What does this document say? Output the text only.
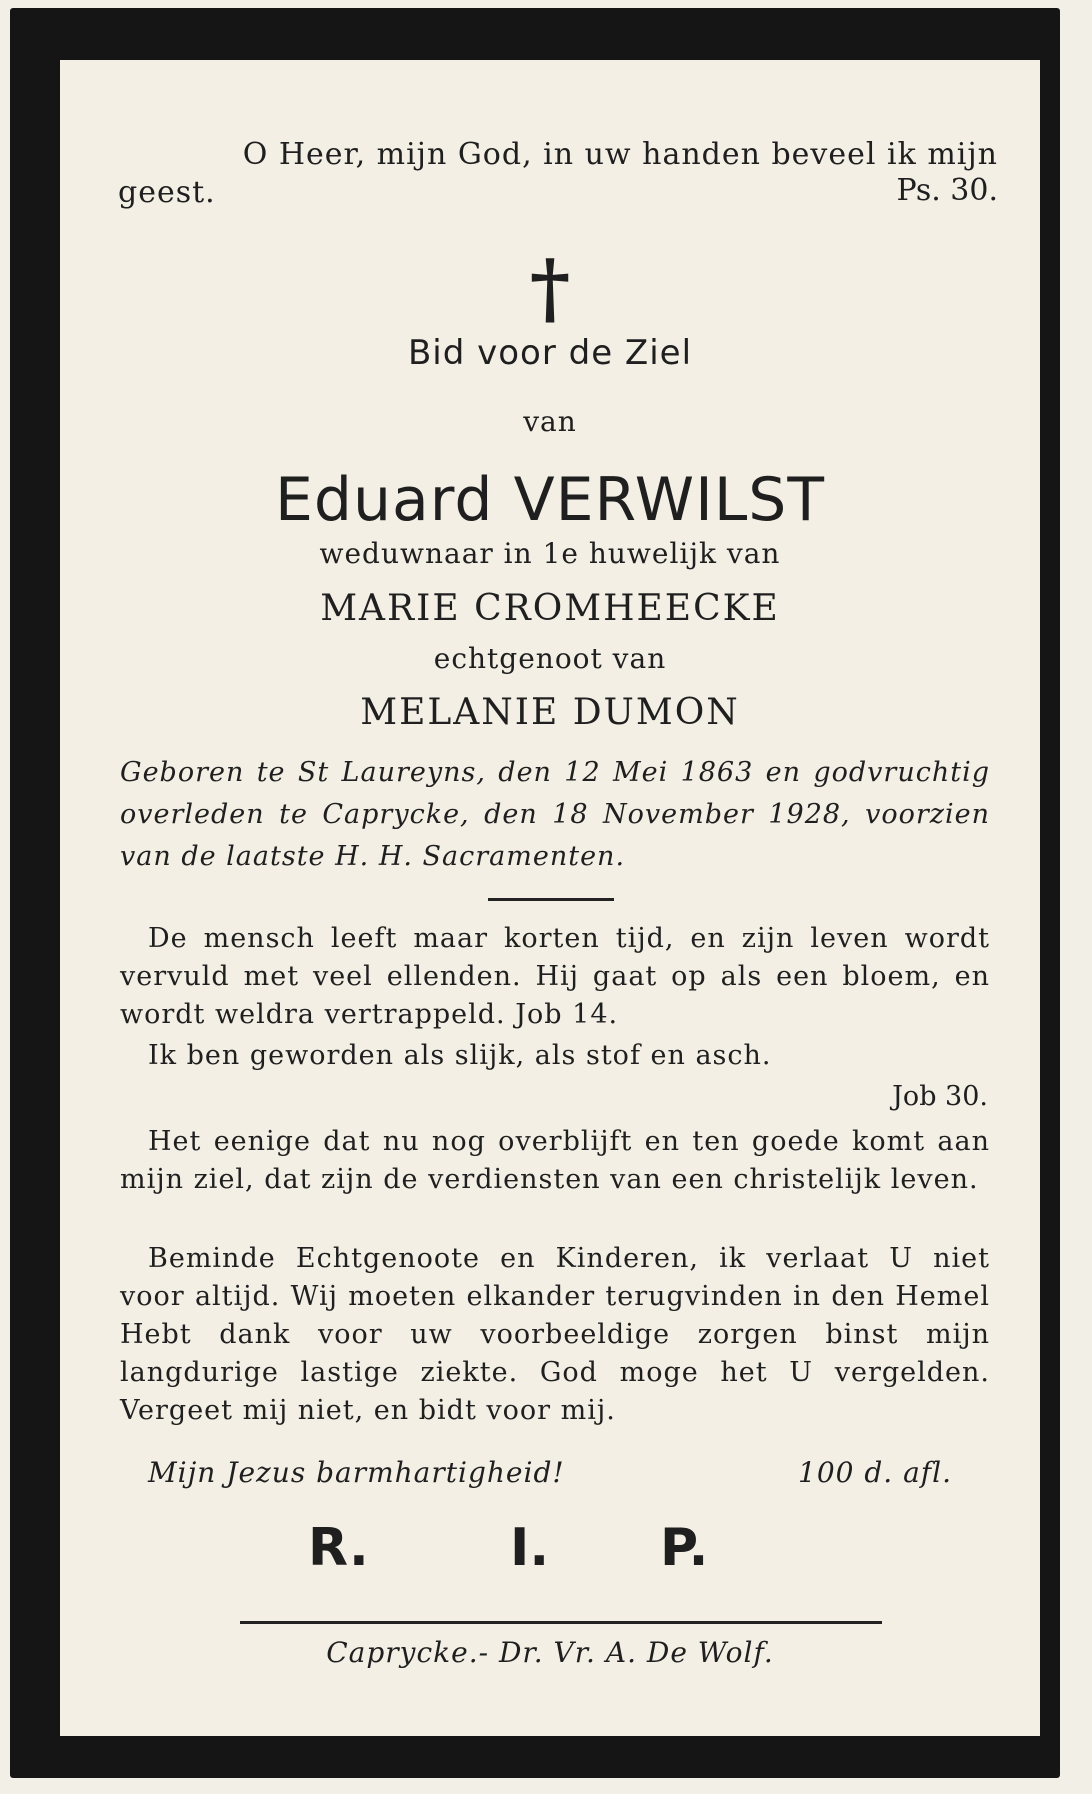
O Heer, mijn God, in uw handen beveel ik mijn

geest.	Ps. 30.
†
Bid voor de Ziel
van
Eduard VERWILST
weduwnaar in 1e huwelijk van
MARIE CROMHEECKE
echtgenoot van
MELANIE DUMON

Geboren te St Laureyns, den 12 Mei 1863 en godvruchtig overleden te Caprycke, den 18 November 1928, voorzien van de laatste H. H. Sacramenten.

De mensch leeft maar korten tijd, en zijn leven wordt vervuld met veel ellenden. Hij gaat op als een bloem, en wordt weldra vertrappeld. Job 14.

Ik ben geworden als slijk, als stof en asch.

Job 30.

Het eenige dat nu nog overblijft en ten goede komt aan mijn ziel, dat zijn de verdiensten van een christelijk leven.

Beminde Echtgenoote en Kinderen, ik verlaat U niet voor altijd. Wij moeten elkander terugvinden in den Hemel Hebt dank voor uw voorbeeldige zorgen binst mijn langdurige lastige ziekte. God moge het U vergelden. Vergeet mij niet, en bidt voor mij.

Mijn Jezus barmhartigheid!	100 d. afl.
R.	I. P.
Caprycke.- Dr. Vr. A. De Wolf.
